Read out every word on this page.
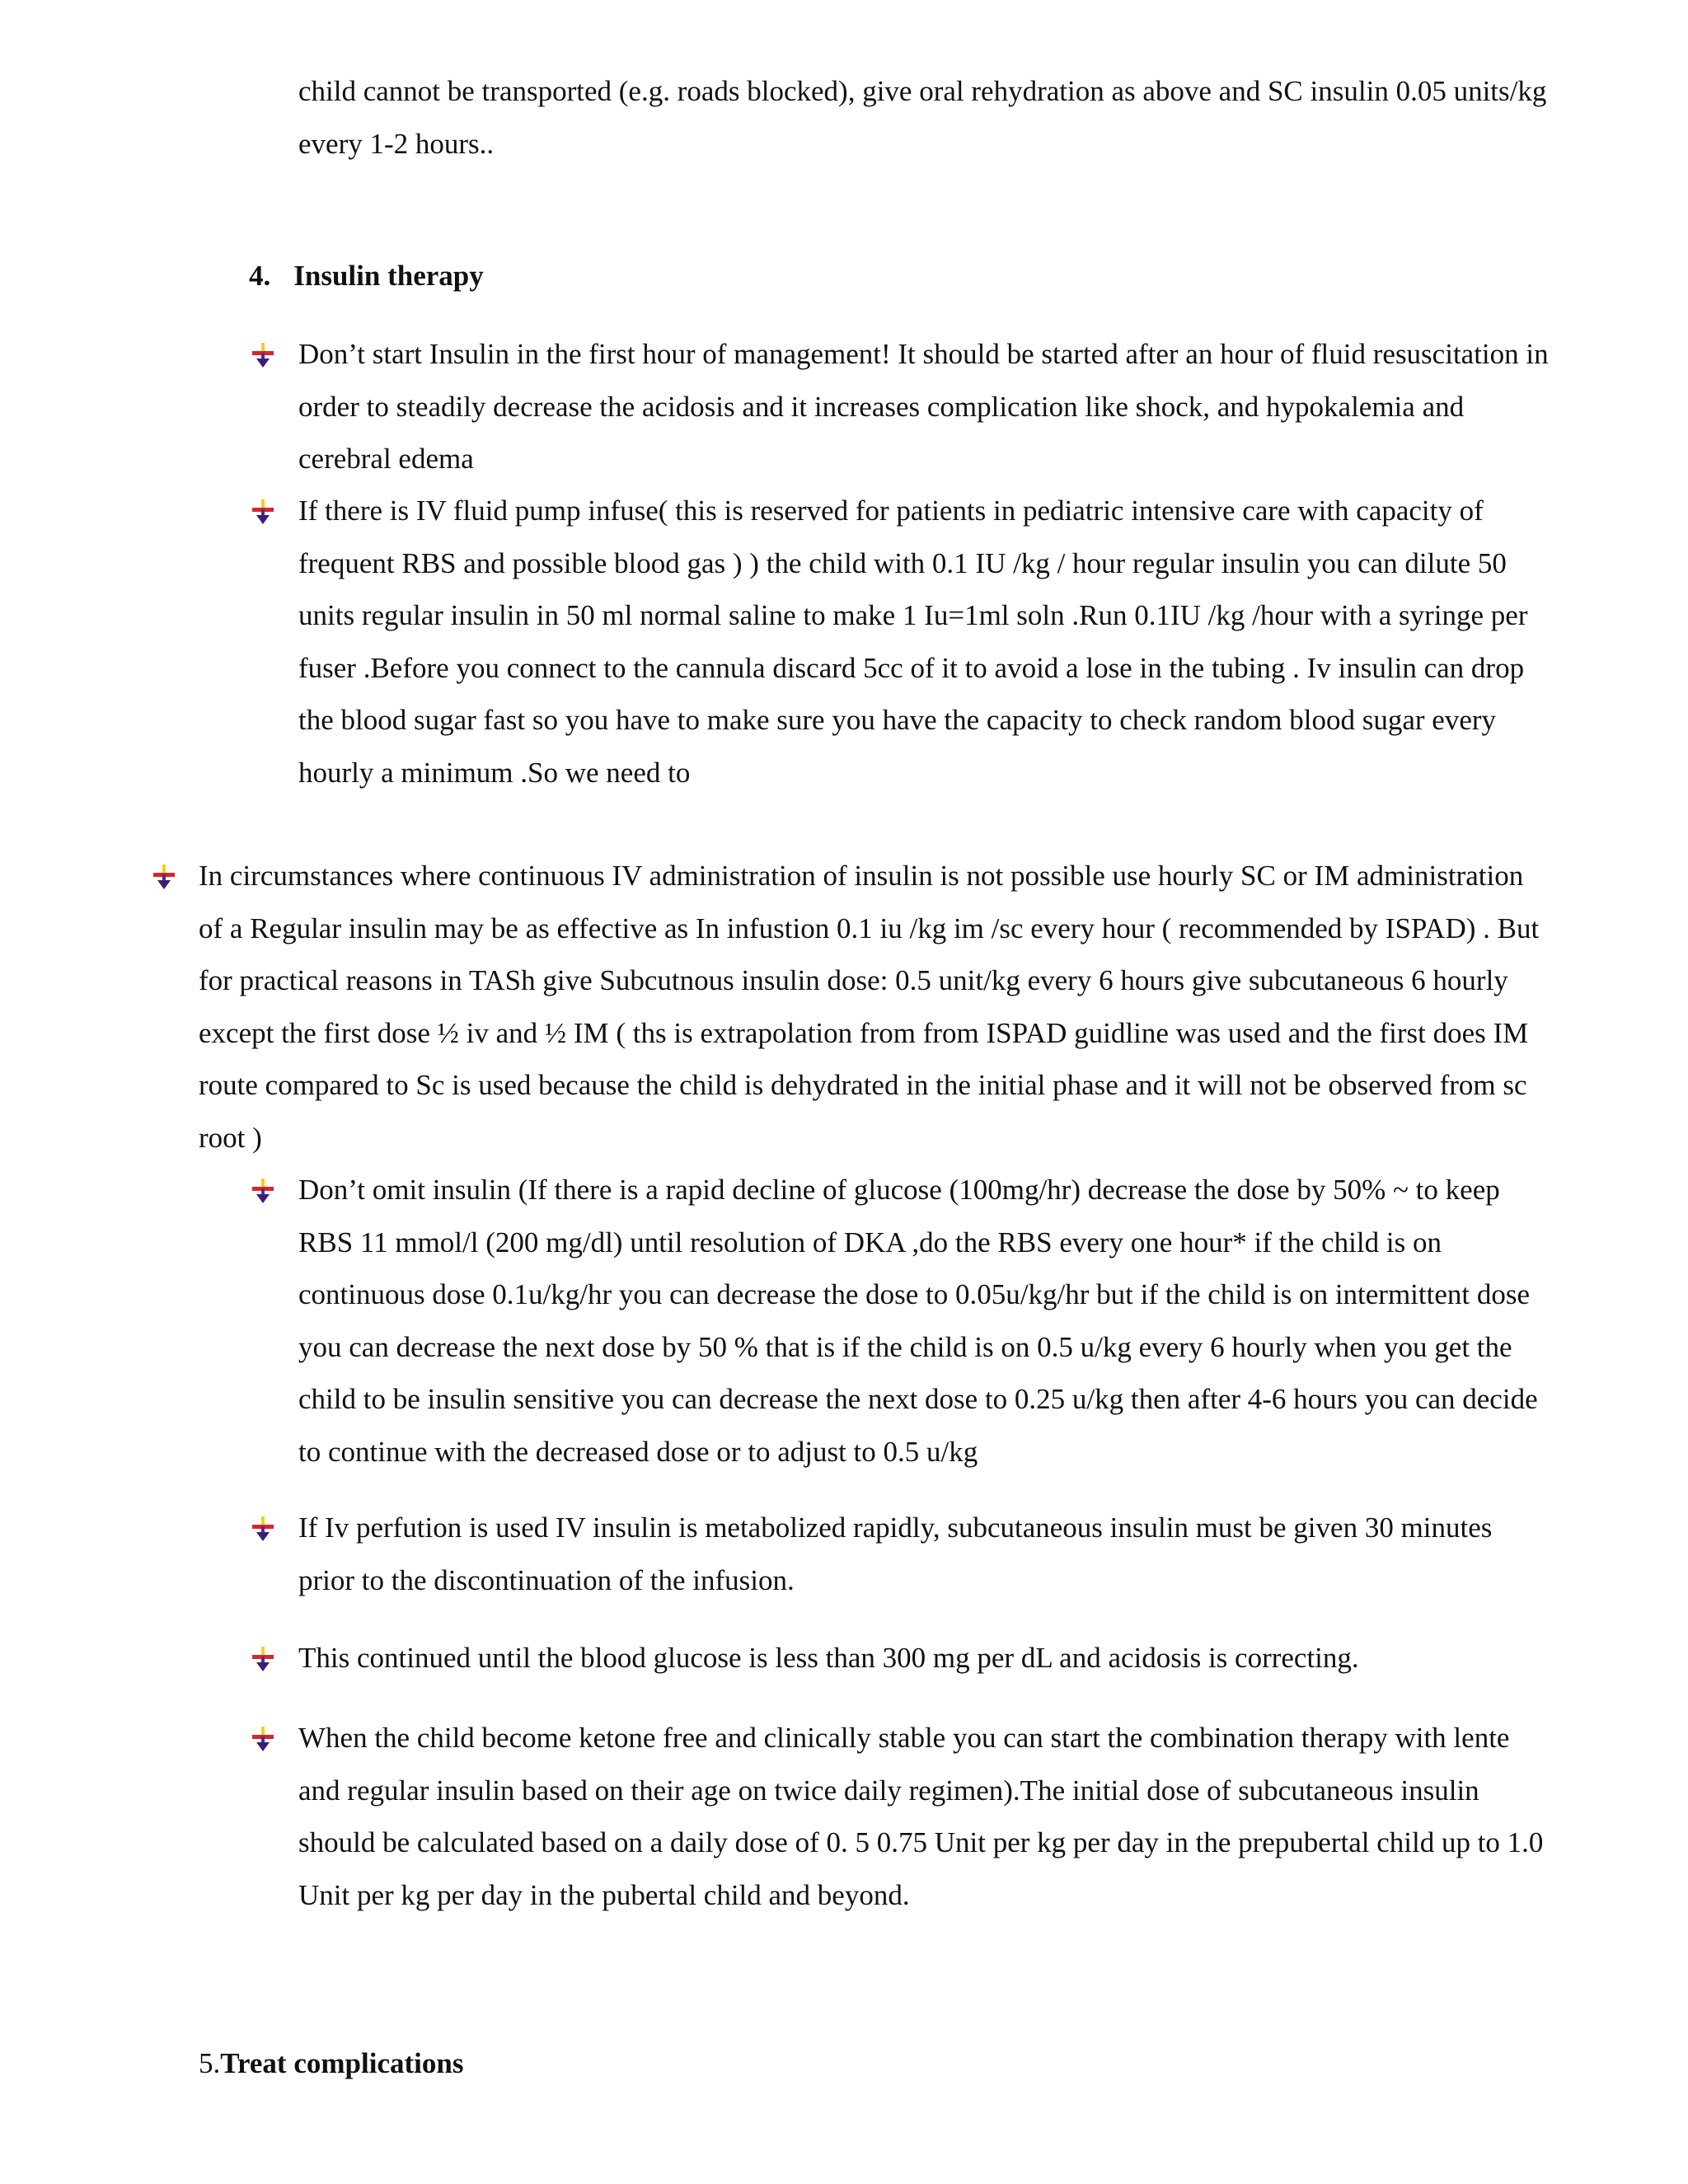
child cannot be transported (e.g. roads blocked), give oral rehydration as above and SC insulin 0.05 units/kg every 1-2 hours..

4. Insulin therapy

Don’t start Insulin in the first hour of management! It should be started after an hour of fluid resuscitation in order to steadily decrease the acidosis and it increases complication like shock, and hypokalemia and cerebral edema

If there is IV fluid pump infuse( this is reserved for patients in pediatric intensive care with capacity of frequent RBS and possible blood gas ) ) the child with 0.1 IU /kg / hour regular insulin you can dilute 50 units regular insulin in 50 ml normal saline to make 1 Iu=1ml soln .Run 0.1IU /kg /hour with a syringe per fuser .Before you connect to the cannula discard 5cc of it to avoid a lose in the tubing . Iv insulin can drop the blood sugar fast so you have to make sure you have the capacity to check random blood sugar every hourly a minimum .So we need to

In circumstances where continuous IV administration of insulin is not possible use hourly SC or IM administration of a Regular insulin may be as effective as In infustion 0.1 iu /kg im /sc every hour ( recommended by ISPAD) . But for practical reasons in TASh give Subcutnous insulin dose: 0.5 unit/kg every 6 hours give subcutaneous 6 hourly except the first dose ½ iv and ½ IM ( ths is extrapolation from from ISPAD guidline was used and the first does IM route compared to Sc is used because the child is dehydrated in the initial phase and it will not be observed from sc root )

Don’t omit insulin (If there is a rapid decline of glucose (100mg/hr) decrease the dose by 50% ~ to keep RBS 11 mmol/l (200 mg/dl) until resolution of DKA ,do the RBS every one hour* if the child is on continuous dose 0.1u/kg/hr you can decrease the dose to 0.05u/kg/hr but if the child is on intermittent dose you can decrease the next dose by 50 % that is if the child is on 0.5 u/kg every 6 hourly when you get the child to be insulin sensitive you can decrease the next dose to 0.25 u/kg then after 4-6 hours you can decide to continue with the decreased dose or to adjust to 0.5 u/kg

If Iv perfution is used IV insulin is metabolized rapidly, subcutaneous insulin must be given 30 minutes prior to the discontinuation of the infusion.

This continued until the blood glucose is less than 300 mg per dL and acidosis is correcting.

When the child become ketone free and clinically stable you can start the combination therapy with lente and regular insulin based on their age on twice daily regimen).The initial dose of subcutaneous insulin should be calculated based on a daily dose of 0. 5 0.75 Unit per kg per day in the prepubertal child up to 1.0 Unit per kg per day in the pubertal child and beyond.

5.Treat complications
